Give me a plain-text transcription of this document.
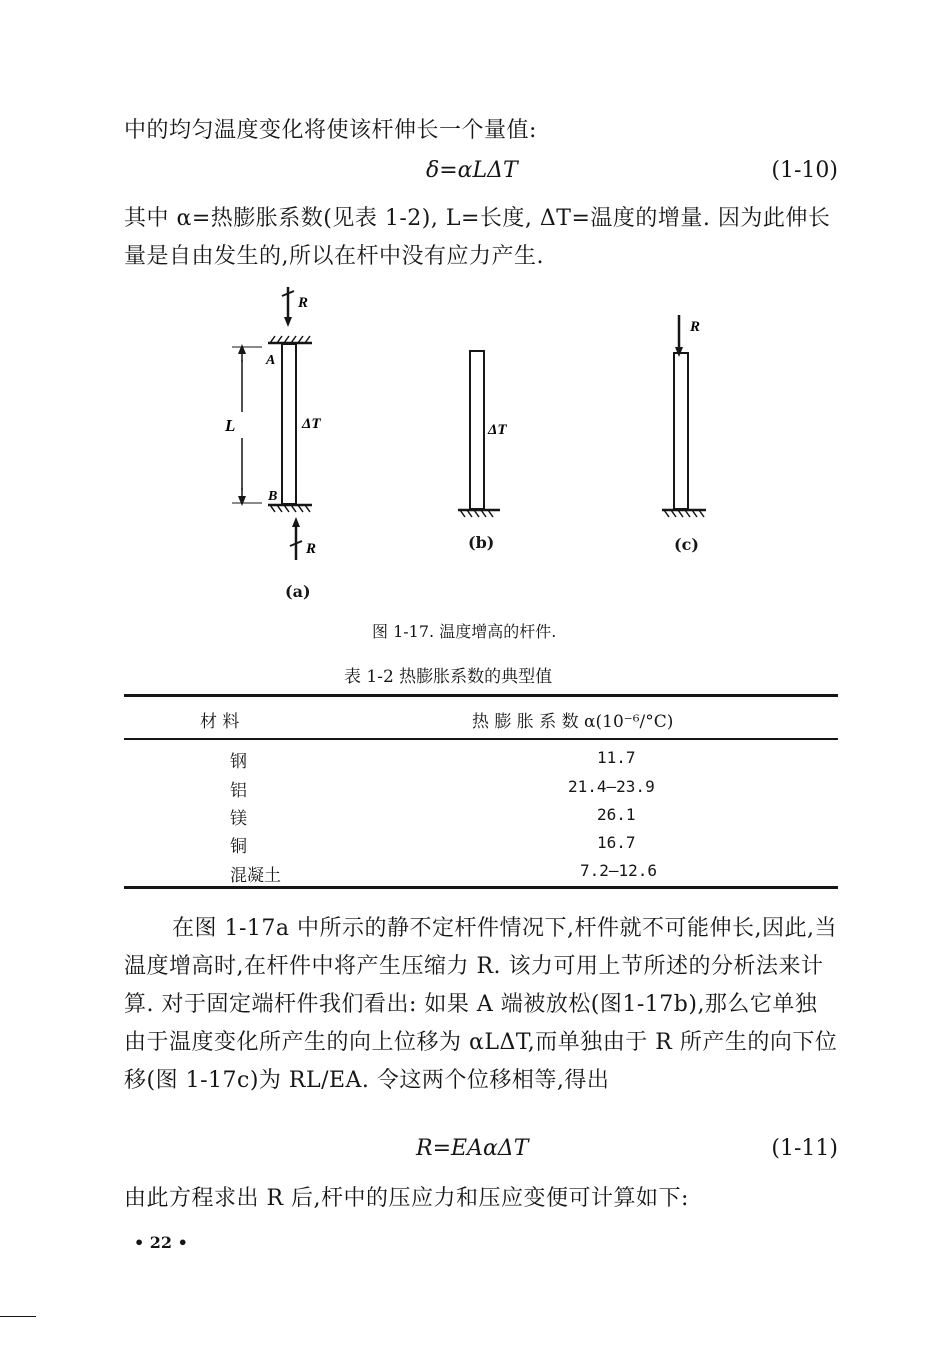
中的均匀温度变化将使该杆伸长一个量值:
δ=αLΔT	(1-10)
其中 α=热膨胀系数(见表 1-2), L=长度, ΔT=温度的增量. 因为此伸长量是自由发生的,所以在杆中没有应力产生.
R
A
B
L	ΔT
R
ΔT
R
(b)	(c)
(a)
图 1-17. 温度增高的杆件.
表 1-2 热膨胀系数的典型值
材 料	热 膨 胀 系 数 α(10⁻⁶/°C)
钢	11.7
铝	21.4—23.9
镁	26.1
铜	16.7
混凝土	7.2—12.6
在图 1-17a 中所示的静不定杆件情况下,杆件就不可能伸长,因此,当温度增高时,在杆件中将产生压缩力 R. 该力可用上节所述的分析法来计算. 对于固定端杆件我们看出: 如果 A 端被放松(图1-17b),那么它单独由于温度变化所产生的向上位移为 αLΔT,而单独由于 R 所产生的向下位移(图 1-17c)为 RL/EA. 令这两个位移相等,得出
R=EAαΔT	(1-11)
由此方程求出 R 后,杆中的压应力和压应变便可计算如下:
• 22 •
